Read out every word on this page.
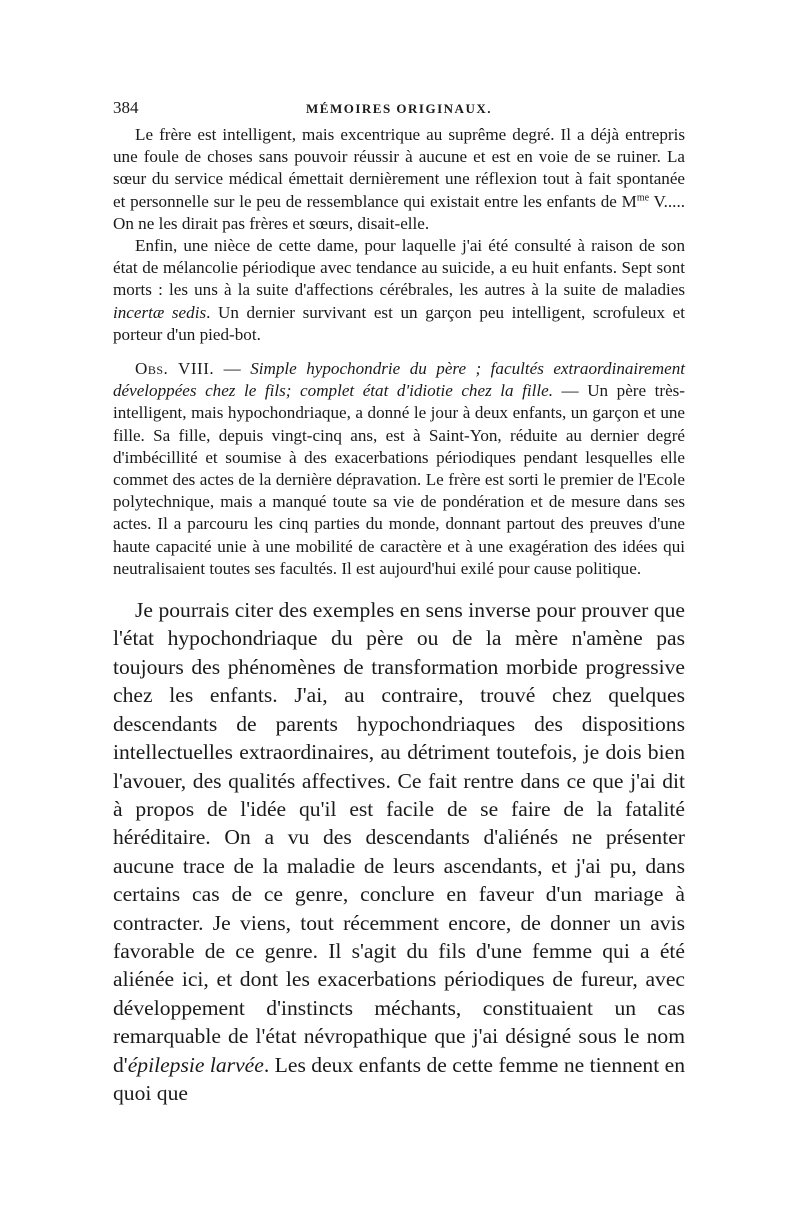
384	MÉMOIRES ORIGINAUX.

Le frère est intelligent, mais excentrique au suprême degré. Il a déjà entrepris une foule de choses sans pouvoir réussir à aucune et est en voie de se ruiner. La sœur du service médical émettait dernièrement une réflexion tout à fait spontanée et personnelle sur le peu de ressemblance qui existait entre les enfants de $M^{me}$ V..... On ne les dirait pas frères et sœurs, disait-elle.

Enfin, une nièce de cette dame, pour laquelle j'ai été consulté à raison de son état de mélancolie périodique avec tendance au suicide, a eu huit enfants. Sept sont morts : les uns à la suite d'affections cérébrales, les autres à la suite de maladies incertæ sedis. Un dernier survivant est un garçon peu intelligent, scrofuleux et porteur d'un pied-bot.

Obs. VIII. — Simple hypochondrie du père ; facultés extraordinairement développées chez le fils; complet état d'idiotie chez la fille. — Un père très-intelligent, mais hypochondriaque, a donné le jour à deux enfants, un garçon et une fille. Sa fille, depuis vingt-cinq ans, est à Saint-Yon, réduite au dernier degré d'imbécillité et soumise à des exacerbations périodiques pendant lesquelles elle commet des actes de la dernière dépravation. Le frère est sorti le premier de l'Ecole polytechnique, mais a manqué toute sa vie de pondération et de mesure dans ses actes. Il a parcouru les cinq parties du monde, donnant partout des preuves d'une haute capacité unie à une mobilité de caractère et à une exagération des idées qui neutralisaient toutes ses facultés. Il est aujourd'hui exilé pour cause politique.

Je pourrais citer des exemples en sens inverse pour prouver que l'état hypochondriaque du père ou de la mère n'amène pas toujours des phénomènes de transformation morbide progressive chez les enfants. J'ai, au contraire, trouvé chez quelques descendants de parents hypochondriaques des dispositions intellectuelles extraordinaires, au détriment toutefois, je dois bien l'avouer, des qualités affectives. Ce fait rentre dans ce que j'ai dit à propos de l'idée qu'il est facile de se faire de la fatalité héréditaire. On a vu des descendants d'aliénés ne présenter aucune trace de la maladie de leurs ascendants, et j'ai pu, dans certains cas de ce genre, conclure en faveur d'un mariage à contracter. Je viens, tout récemment encore, de donner un avis favorable de ce genre. Il s'agit du fils d'une femme qui a été aliénée ici, et dont les exacerbations périodiques de fureur, avec développement d'instincts méchants, constituaient un cas remarquable de l'état névropathique que j'ai désigné sous le nom d'épilepsie larvée. Les deux enfants de cette femme ne tiennent en quoi que
